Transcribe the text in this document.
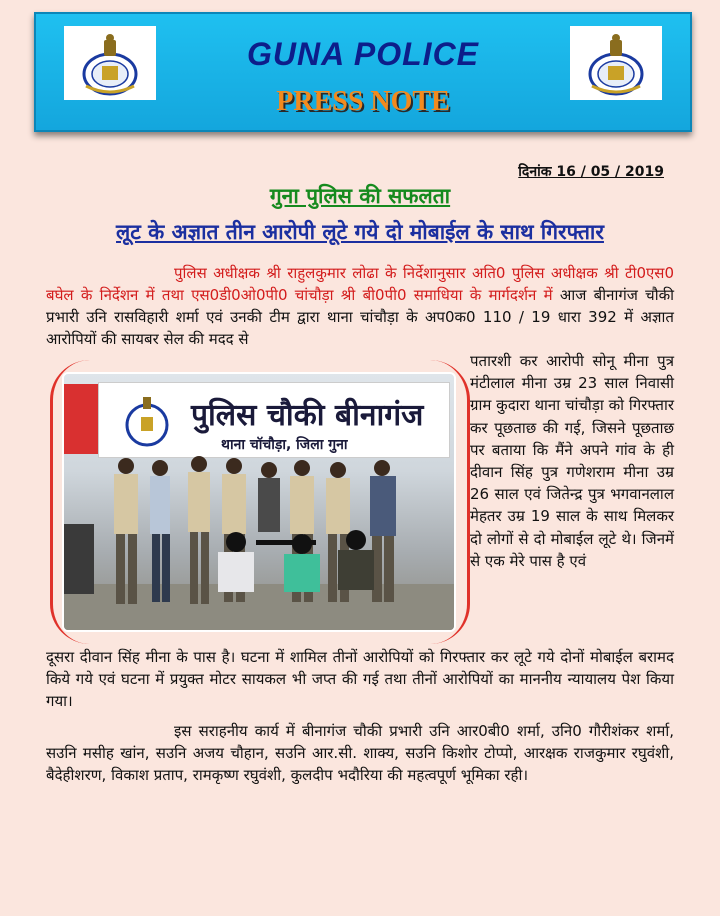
GUNA POLICE
PRESS NOTE
दिनांक 16 / 05 / 2019
गुना पुलिस की सफलता
लूट के अज्ञात तीन आरोपी लूटे गये दो मोबाईल के साथ गिरफ्तार
पुलिस अधीक्षक श्री राहुलकुमार लोढा के निर्देशानुसार अति0 पुलिस अधीक्षक श्री टी0एस0 बघेल के निर्देशन में तथा एस0डी0ओ0पी0 चांचौड़ा श्री बी0पी0 समाधिया के मार्गदर्शन में आज बीनागंज चौकी प्रभारी उनि रासविहारी शर्मा एवं उनकी टीम द्वारा थाना चांचौड़ा के अप0क0 110 / 19 धारा 392 में अज्ञात आरोपियों की सायबर सेल की मदद से
पुलिस चौकी बीनागंज
थाना चॉचौड़ा, जिला गुना
पतारशी कर आरोपी सोनू मीना पुत्र मंटीलाल मीना उम्र 23 साल निवासी ग्राम कुदारा थाना चांचौड़ा को गिरफ्तार कर पूछताछ की गई, जिसने पूछताछ पर बताया कि मैंने अपने गांव के ही दीवान सिंह पुत्र गणेशराम मीना उम्र 26 साल एवं जितेन्द्र पुत्र भगवानलाल मेहतर उम्र 19 साल के साथ मिलकर दो लोगों से दो मोबाईल लूटे थे। जिनमें से एक मेरे पास है एवं
दूसरा दीवान सिंह मीना के पास है। घटना में शामिल तीनों आरोपियों को गिरफ्तार कर लूटे गये दोनों मोबाईल बरामद किये गये एवं घटना में प्रयुक्त मोटर सायकल भी जप्त की गई तथा तीनों आरोपियों का माननीय न्यायालय पेश किया गया।
इस सराहनीय कार्य में बीनागंज चौकी प्रभारी उनि आर0बी0 शर्मा, उनि0 गौरीशंकर शर्मा, सउनि मसीह खांन, सउनि अजय चौहान, सउनि आर.सी. शाक्य, सउनि किशोर टोप्पो, आरक्षक राजकुमार रघुवंशी, बैदेहीशरण, विकाश प्रताप, रामकृष्ण रघुवंशी, कुलदीप भदौरिया की महत्वपूर्ण भूमिका रही।
